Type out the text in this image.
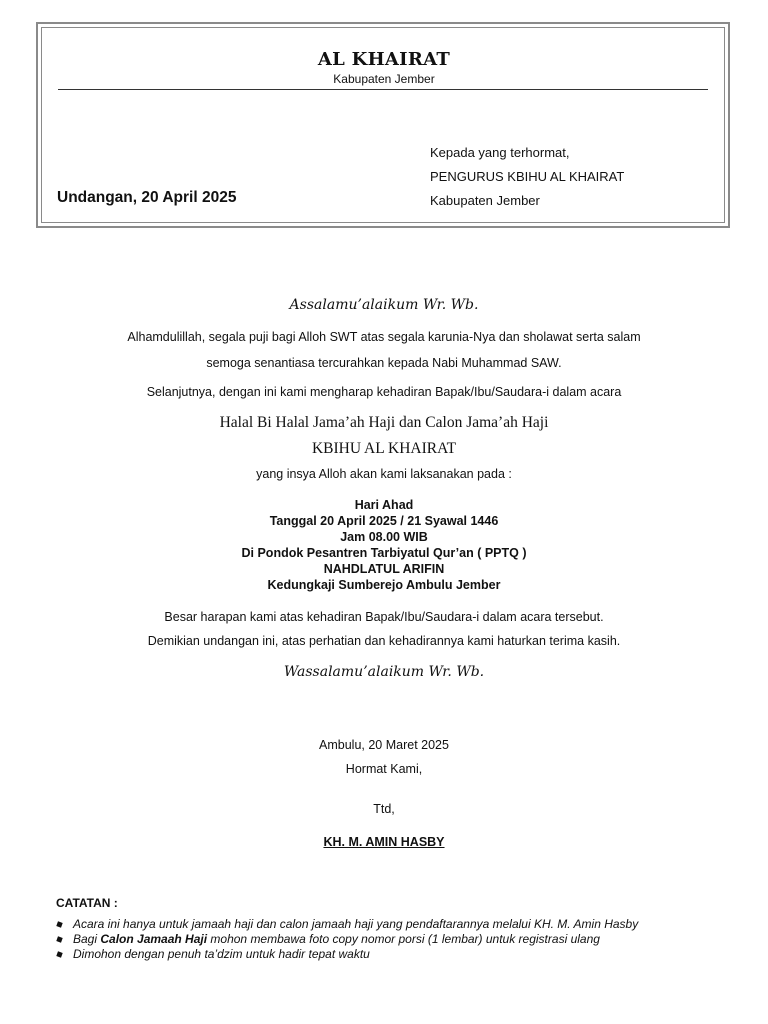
AL KHAIRAT
Kabupaten Jember
Kepada yang terhormat,
PENGURUS KBIHU AL KHAIRAT
Kabupaten Jember
Undangan, 20 April 2025
Assalamu’alaikum Wr. Wb.
Alhamdulillah, segala puji bagi Alloh SWT atas segala karunia-Nya dan sholawat serta salam
semoga senantiasa tercurahkan kepada Nabi Muhammad SAW.
Selanjutnya, dengan ini kami mengharap kehadiran Bapak/Ibu/Saudara-i dalam acara
Halal Bi Halal Jama’ah Haji dan Calon Jama’ah Haji
KBIHU AL KHAIRAT
yang insya Alloh akan kami laksanakan pada :
Hari Ahad
Tanggal 20 April 2025 / 21 Syawal 1446
Jam 08.00 WIB
Di Pondok Pesantren Tarbiyatul Qur’an ( PPTQ )
NAHDLATUL ARIFIN
Kedungkaji Sumberejo Ambulu Jember
Besar harapan kami atas kehadiran Bapak/Ibu/Saudara-i dalam acara tersebut.
Demikian undangan ini, atas perhatian dan kehadirannya kami haturkan terima kasih.
Wassalamu’alaikum Wr. Wb.
Ambulu, 20 Maret 2025
Hormat Kami,
Ttd,
KH. M. AMIN HASBY
CATATAN :
Acara ini hanya untuk jamaah haji dan calon jamaah haji yang pendaftarannya melalui KH. M. Amin Hasby
Bagi Calon Jamaah Haji mohon membawa foto copy nomor porsi (1 lembar) untuk registrasi ulang
Dimohon dengan penuh ta’dzim untuk hadir tepat waktu
